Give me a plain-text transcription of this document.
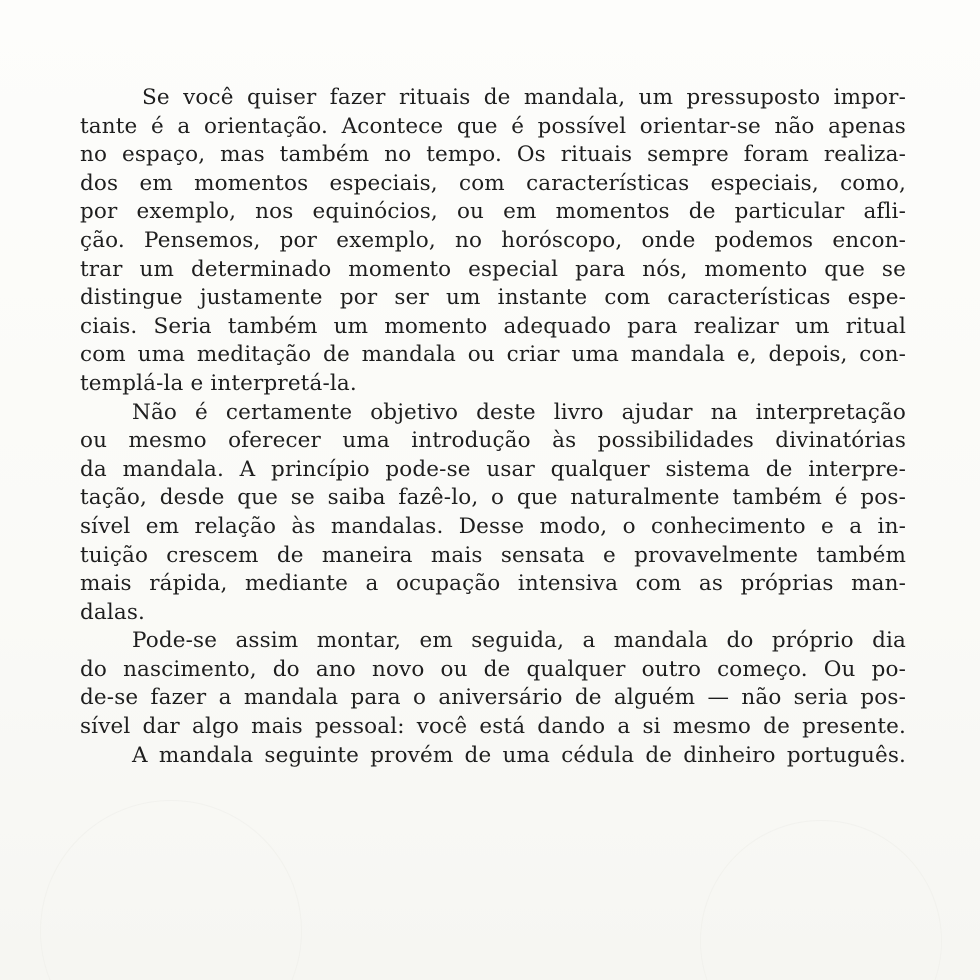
Se você quiser fazer rituais de mandala, um pressuposto impor-
tante é a orientação. Acontece que é possível orientar-se não apenas
no espaço, mas também no tempo. Os rituais sempre foram realiza-
dos em momentos especiais, com características especiais, como,
por exemplo, nos equinócios, ou em momentos de particular afli-
ção. Pensemos, por exemplo, no horóscopo, onde podemos encon-
trar um determinado momento especial para nós, momento que se
distingue justamente por ser um instante com características espe-
ciais. Seria também um momento adequado para realizar um ritual
com uma meditação de mandala ou criar uma mandala e, depois, con-
templá-la e interpretá-la.
Não é certamente objetivo deste livro ajudar na interpretação
ou mesmo oferecer uma introdução às possibilidades divinatórias
da mandala. A princípio pode-se usar qualquer sistema de interpre-
tação, desde que se saiba fazê-lo, o que naturalmente também é pos-
sível em relação às mandalas. Desse modo, o conhecimento e a in-
tuição crescem de maneira mais sensata e provavelmente também
mais rápida, mediante a ocupação intensiva com as próprias man-
dalas.
Pode-se assim montar, em seguida, a mandala do próprio dia
do nascimento, do ano novo ou de qualquer outro começo. Ou po-
de-se fazer a mandala para o aniversário de alguém — não seria pos-
sível dar algo mais pessoal: você está dando a si mesmo de presente.
A mandala seguinte provém de uma cédula de dinheiro português.
